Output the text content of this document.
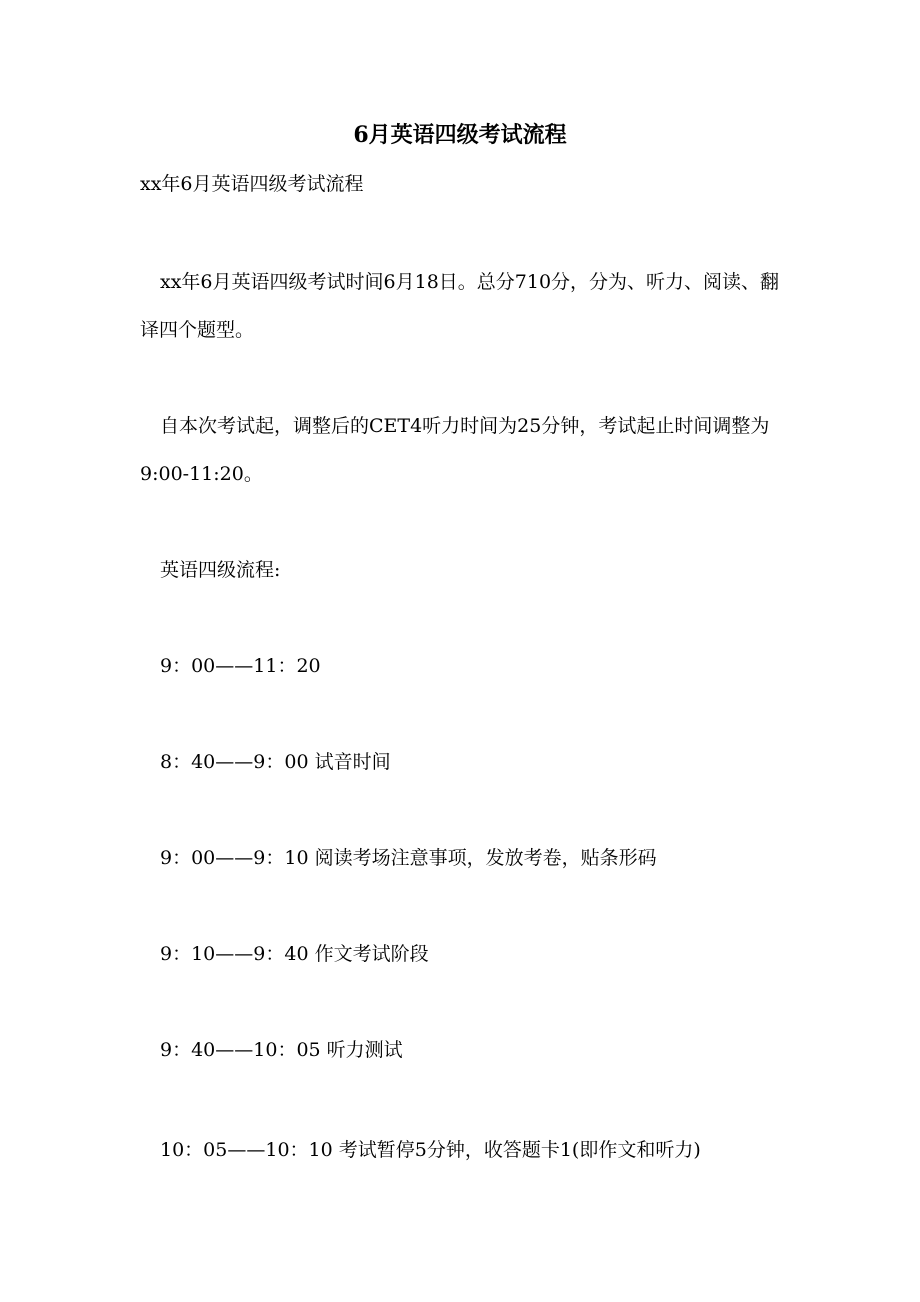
6月英语四级考试流程

xx年6月英语四级考试流程

xx年6月英语四级考试时间6月18日。总分710分，分为、听力、阅读、翻译四个题型。

自本次考试起，调整后的CET4听力时间为25分钟，考试起止时间调整为9:00-11:20。

英语四级流程:

9：00——11：20

8：40——9：00 试音时间

9：00——9：10 阅读考场注意事项，发放考卷，贴条形码

9：10——9：40 作文考试阶段

9：40——10：05 听力测试

10：05——10：10 考试暂停5分钟，收答题卡1(即作文和听力)
